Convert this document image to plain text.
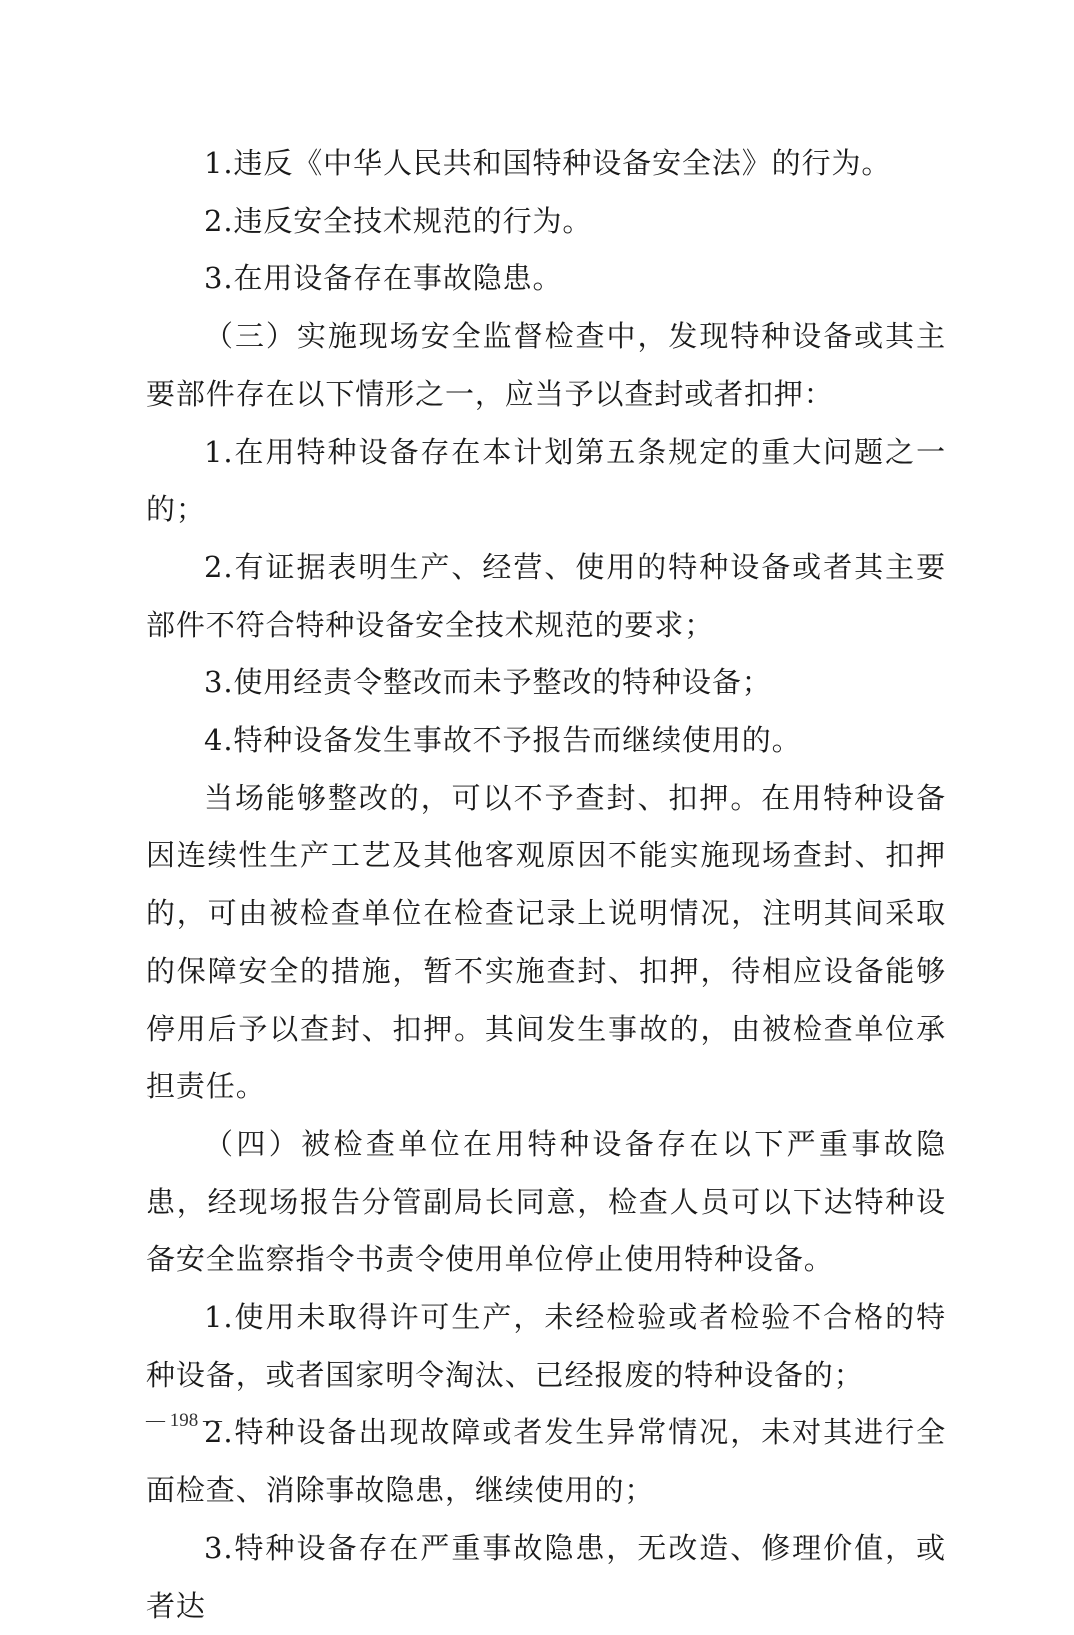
1.违反《中华人民共和国特种设备安全法》的行为。

2.违反安全技术规范的行为。

3.在用设备存在事故隐患。

（三）实施现场安全监督检查中，发现特种设备或其主要部件存在以下情形之一，应当予以查封或者扣押：

1.在用特种设备存在本计划第五条规定的重大问题之一的；

2.有证据表明生产、经营、使用的特种设备或者其主要部件不符合特种设备安全技术规范的要求；

3.使用经责令整改而未予整改的特种设备；

4.特种设备发生事故不予报告而继续使用的。

当场能够整改的，可以不予查封、扣押。在用特种设备因连续性生产工艺及其他客观原因不能实施现场查封、扣押的，可由被检查单位在检查记录上说明情况，注明其间采取的保障安全的措施，暂不实施查封、扣押，待相应设备能够停用后予以查封、扣押。其间发生事故的，由被检查单位承担责任。

（四）被检查单位在用特种设备存在以下严重事故隐患，经现场报告分管副局长同意，检查人员可以下达特种设备安全监察指令书责令使用单位停止使用特种设备。

1.使用未取得许可生产，未经检验或者检验不合格的特种设备，或者国家明令淘汰、已经报废的特种设备的；

2.特种设备出现故障或者发生异常情况，未对其进行全面检查、消除事故隐患，继续使用的；

3.特种设备存在严重事故隐患，无改造、修理价值，或者达

— 198 —
